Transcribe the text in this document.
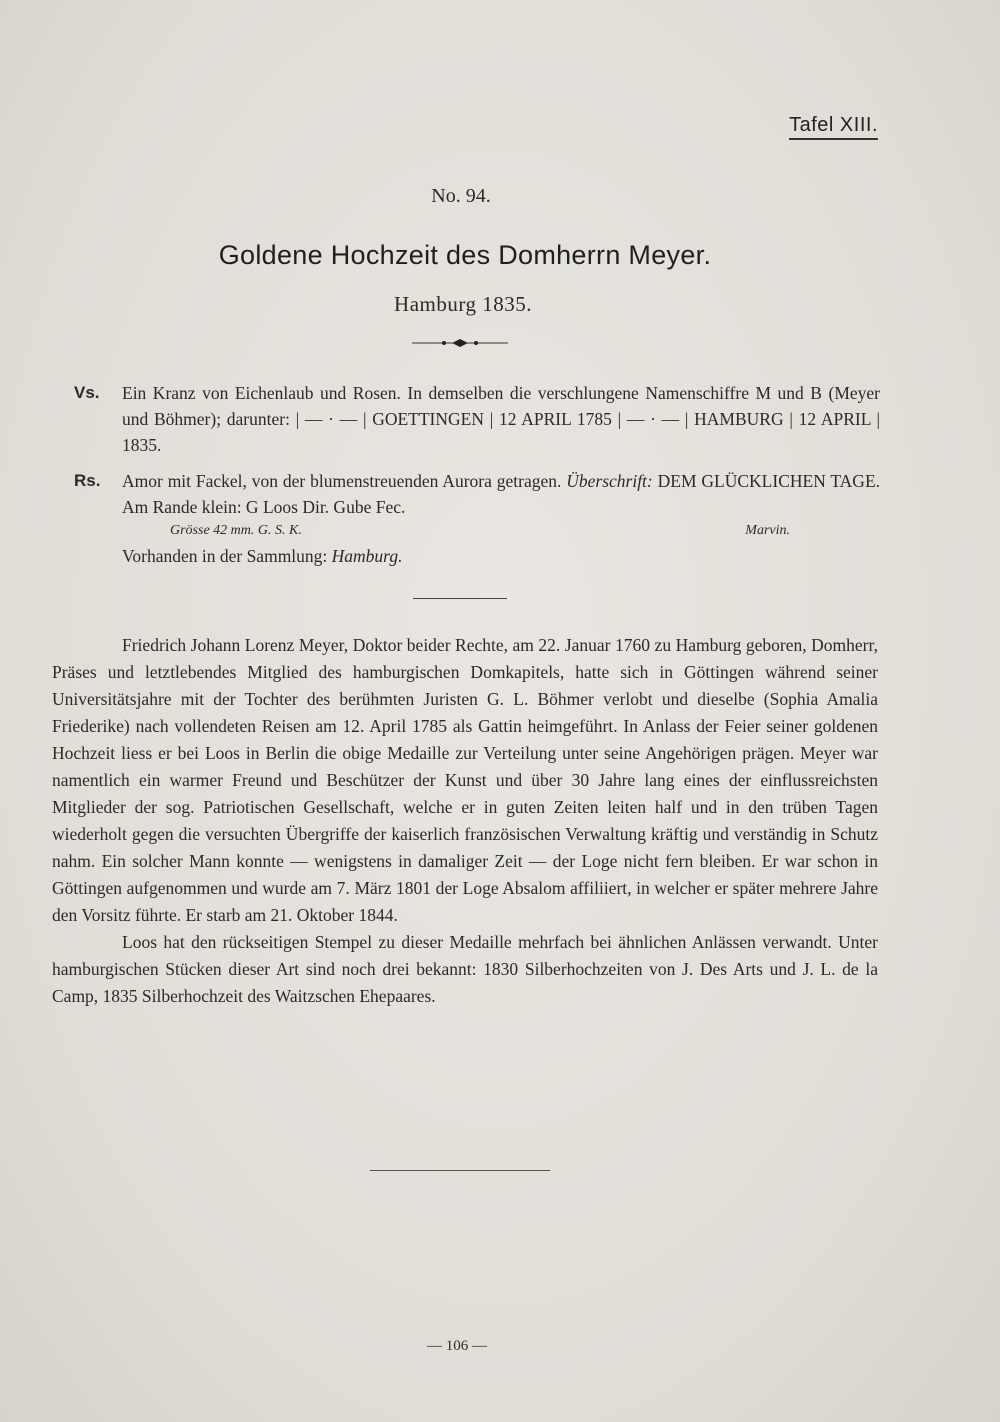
Tafel XIII.
No. 94.
Goldene Hochzeit des Domherrn Meyer.
Hamburg 1835.
Vs. Ein Kranz von Eichenlaub und Rosen. In demselben die verschlungene Namenschiffre M und B (Meyer und Böhmer); darunter: | — · — | GOETTINGEN | 12 APRIL 1785 | — · — | HAMBURG | 12 APRIL | 1835.
Rs. Amor mit Fackel, von der blumenstreuenden Aurora getragen. Überschrift: DEM GLÜCKLICHEN TAGE. Am Rande klein: G Loos Dir. Gube Fec.
Grösse 42 mm. G. S. K.	Marvin.
Vorhanden in der Sammlung: Hamburg.

Friedrich Johann Lorenz Meyer, Doktor beider Rechte, am 22. Januar 1760 zu Hamburg geboren, Domherr, Präses und letztlebendes Mitglied des hamburgischen Domkapitels, hatte sich in Göttingen während seiner Universitätsjahre mit der Tochter des berühmten Juristen G. L. Böhmer verlobt und dieselbe (Sophia Amalia Friederike) nach vollendeten Reisen am 12. April 1785 als Gattin heimgeführt. In Anlass der Feier seiner goldenen Hochzeit liess er bei Loos in Berlin die obige Medaille zur Verteilung unter seine Angehörigen prägen. Meyer war namentlich ein warmer Freund und Beschützer der Kunst und über 30 Jahre lang eines der einflussreichsten Mitglieder der sog. Patriotischen Gesellschaft, welche er in guten Zeiten leiten half und in den trüben Tagen wiederholt gegen die versuchten Übergriffe der kaiserlich französischen Verwaltung kräftig und verständig in Schutz nahm. Ein solcher Mann konnte — wenigstens in damaliger Zeit — der Loge nicht fern bleiben. Er war schon in Göttingen aufgenommen und wurde am 7. März 1801 der Loge Absalom affiliiert, in welcher er später mehrere Jahre den Vorsitz führte. Er starb am 21. Oktober 1844.

Loos hat den rückseitigen Stempel zu dieser Medaille mehrfach bei ähnlichen Anlässen verwandt. Unter hamburgischen Stücken dieser Art sind noch drei bekannt: 1830 Silberhochzeiten von J. Des Arts und J. L. de la Camp, 1835 Silberhochzeit des Waitzschen Ehepaares.

— 106 —
